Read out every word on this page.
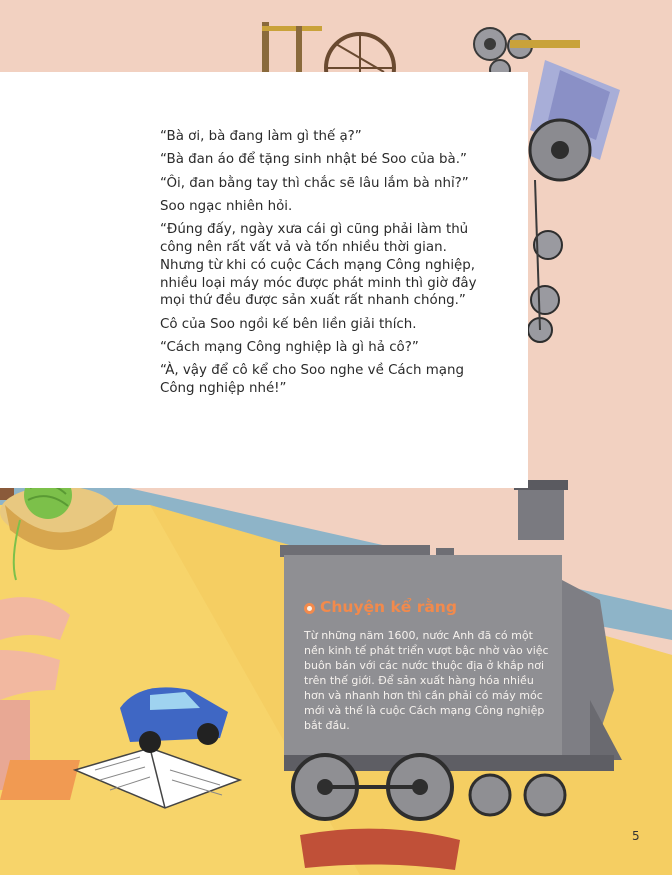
“Bà ơi, bà đang làm gì thế ạ?”

“Bà đan áo để tặng sinh nhật bé Soo của bà.”

“Ôi, đan bằng tay thì chắc sẽ lâu lắm bà nhỉ?”

Soo ngạc nhiên hỏi.

“Đúng đấy, ngày xưa cái gì cũng phải làm thủ công nên rất vất vả và tốn nhiều thời gian. Nhưng từ khi có cuộc Cách mạng Công nghiệp, nhiều loại máy móc được phát minh thì giờ đây mọi thứ đều được sản xuất rất nhanh chóng.”

Cô của Soo ngồi kế bên liền giải thích.

“Cách mạng Công nghiệp là gì hả cô?”

“À, vậy để cô kể cho Soo nghe về Cách mạng Công nghiệp nhé!”

Chuyện kể rằng
Từ những năm 1600, nước Anh đã có một nền kinh tế phát triển vượt bậc nhờ vào việc buôn bán với các nước thuộc địa ở khắp nơi trên thế giới. Để sản xuất hàng hóa nhiều hơn và nhanh hơn thì cần phải có máy móc mới và thế là cuộc Cách mạng Công nghiệp bắt đầu.
5
